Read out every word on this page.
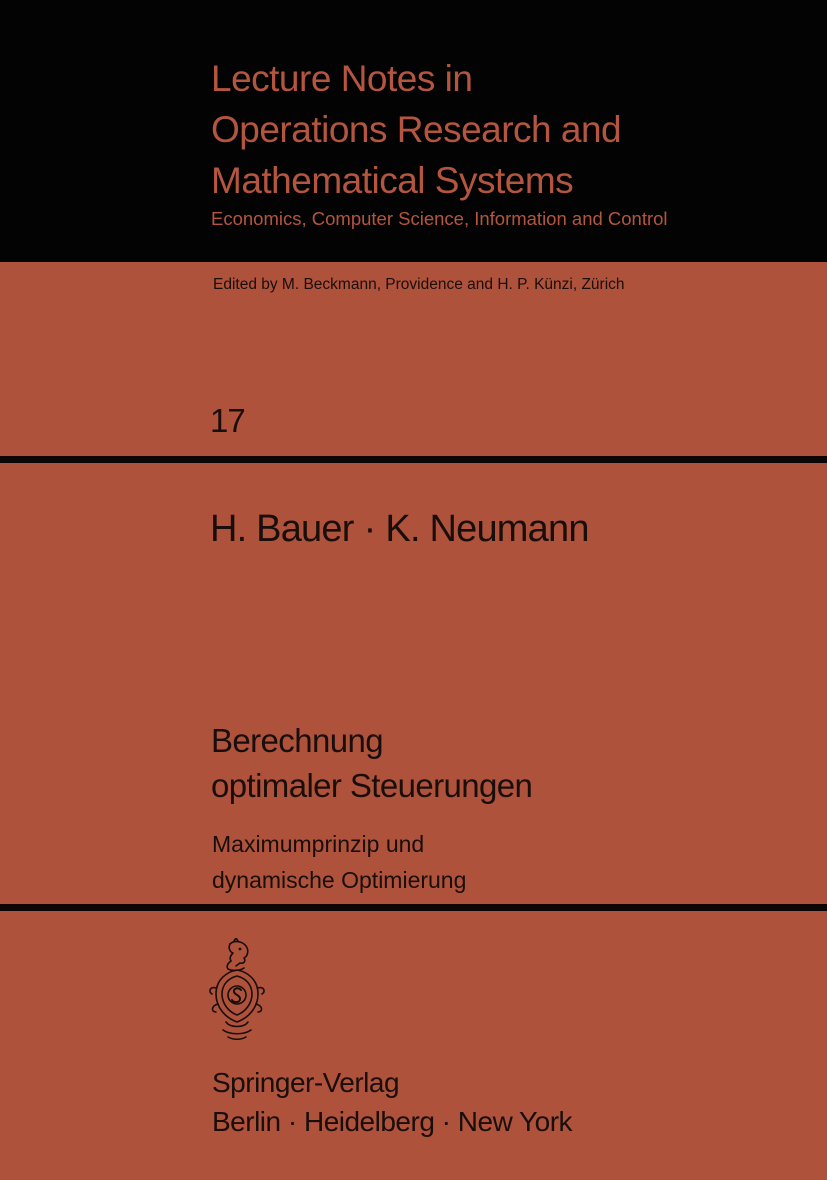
Lecture Notes in
Operations Research and
Mathematical Systems
Economics, Computer Science, Information and Control
Edited by M. Beckmann, Providence and H. P. Künzi, Zürich
17
H. Bauer · K. Neumann
Berechnung
optimaler Steuerungen
Maximumprinzip und
dynamische Optimierung
Springer-Verlag
Berlin · Heidelberg · New York
